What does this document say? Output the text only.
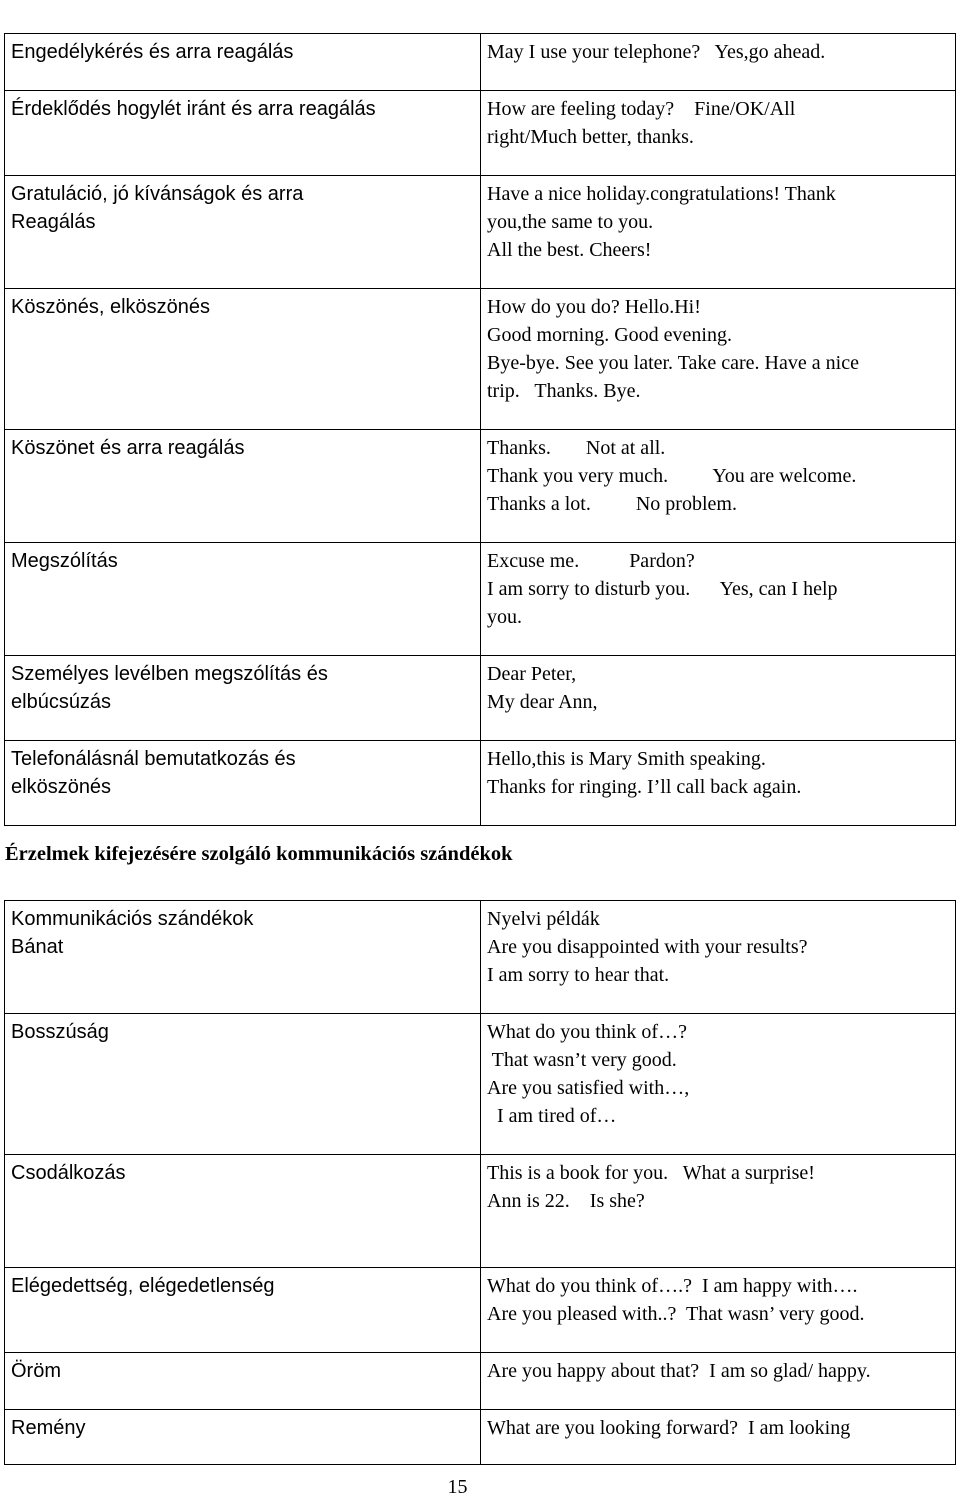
Engedélykérés és arra reagálás	May I use your telephone?   Yes,go ahead.

Érdeklődés hogylét iránt és arra reagálás	How are feeling today?    Fine/OK/All
right/Much better, thanks.

Gratuláció, jó kívánságok és arra
Reagálás	Have a nice holiday.congratulations! Thank
you,the same to you.
All the best. Cheers!

Köszönés, elköszönés	How do you do? Hello.Hi!
Good morning. Good evening.
Bye-bye. See you later. Take care. Have a nice
trip.   Thanks. Bye.

Köszönet és arra reagálás	Thanks.       Not at all.
Thank you very much.         You are welcome.
Thanks a lot.         No problem.

Megszólítás	Excuse me.          Pardon?
I am sorry to disturb you.      Yes, can I help
you.

Személyes levélben megszólítás és
elbúcsúzás	Dear Peter,
My dear Ann,

Telefonálásnál bemutatkozás és
elköszönés	Hello,this is Mary Smith speaking.
Thanks for ringing. I’ll call back again.
Érzelmek kifejezésére szolgáló kommunikációs szándékok
Kommunikációs szándékok
Bánat	Nyelvi példák
Are you disappointed with your results?
I am sorry to hear that.

Bosszúság	What do you think of…?
That wasn’t very good.
Are you satisfied with…,
I am tired of…

Csodálkozás	This is a book for you.   What a surprise!
Ann is 22.    Is she?

Elégedettség, elégedetlenség	What do you think of….?  I am happy with….
Are you pleased with..?  That wasn’ very good.

Öröm	Are you happy about that?  I am so glad/ happy.

Remény	What are you looking forward?  I am looking
15
